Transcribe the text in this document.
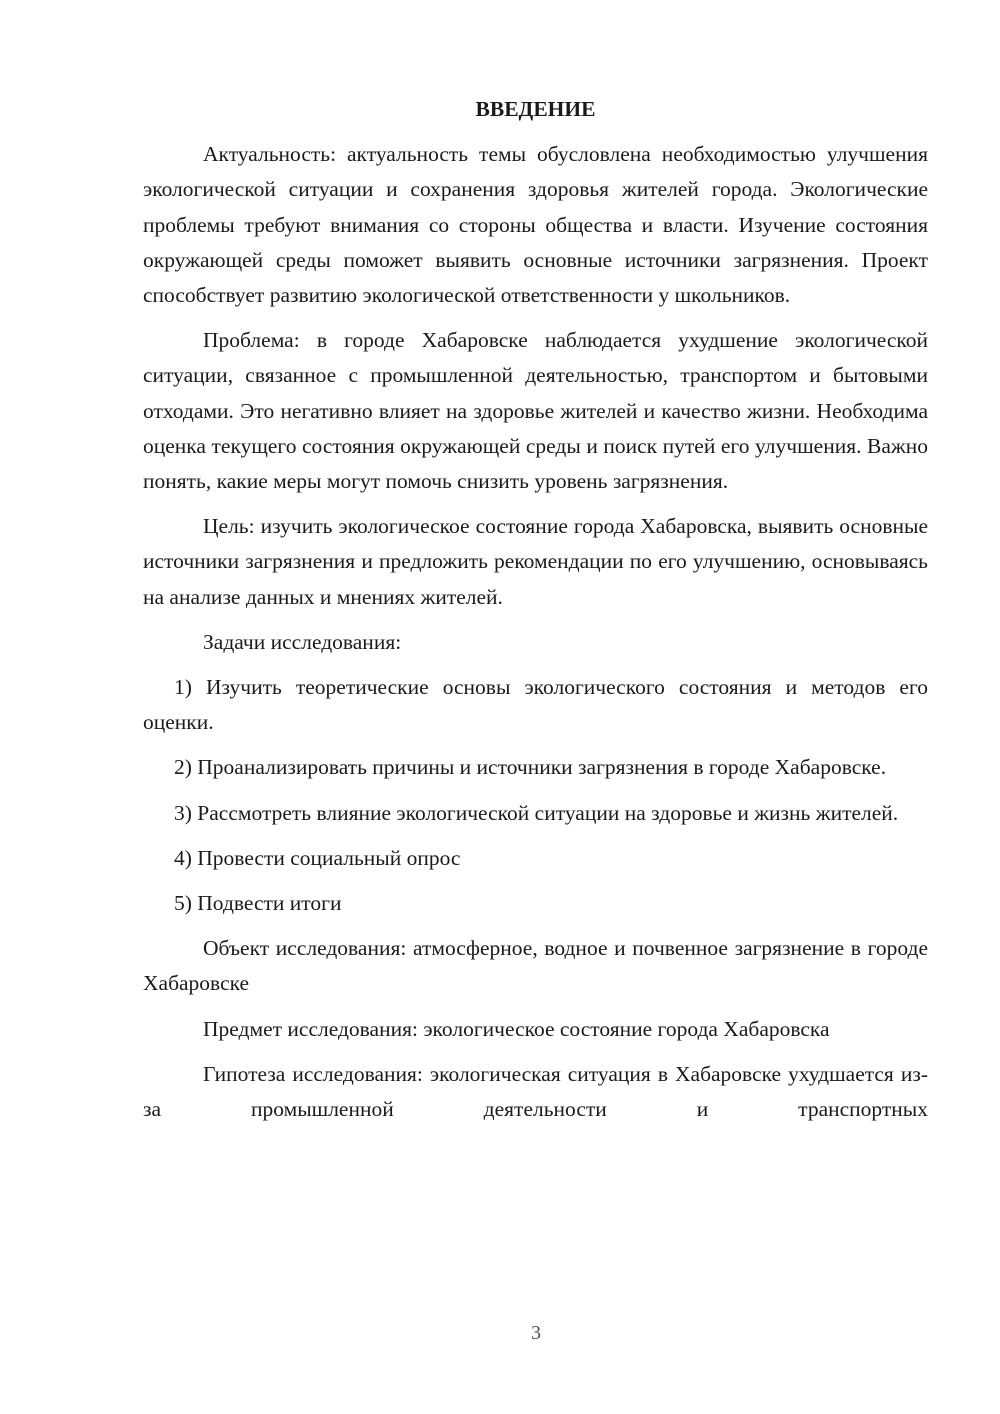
ВВЕДЕНИЕ

Актуальность: актуальность темы обусловлена необходимостью улучшения экологической ситуации и сохранения здоровья жителей города. Экологические проблемы требуют внимания со стороны общества и власти. Изучение состояния окружающей среды поможет выявить основные источники загрязнения. Проект способствует развитию экологической ответственности у школьников.

Проблема: в городе Хабаровске наблюдается ухудшение экологической ситуации, связанное с промышленной деятельностью, транспортом и бытовыми отходами. Это негативно влияет на здоровье жителей и качество жизни. Необходима оценка текущего состояния окружающей среды и поиск путей его улучшения. Важно понять, какие меры могут помочь снизить уровень загрязнения.

Цель: изучить экологическое состояние города Хабаровска, выявить основные источники загрязнения и предложить рекомендации по его улучшению, основываясь на анализе данных и мнениях жителей.

Задачи исследования:

1) Изучить теоретические основы экологического состояния и методов его оценки.

2) Проанализировать причины и источники загрязнения в городе Хабаровске.

3) Рассмотреть влияние экологической ситуации на здоровье и жизнь жителей.

4) Провести социальный опрос

5) Подвести итоги

Объект исследования: атмосферное, водное и почвенное загрязнение в городе Хабаровске

Предмет исследования: экологическое состояние города Хабаровска

Гипотеза исследования: экологическая ситуация в Хабаровске ухудшается из-за промышленной деятельности и транспортных

3
